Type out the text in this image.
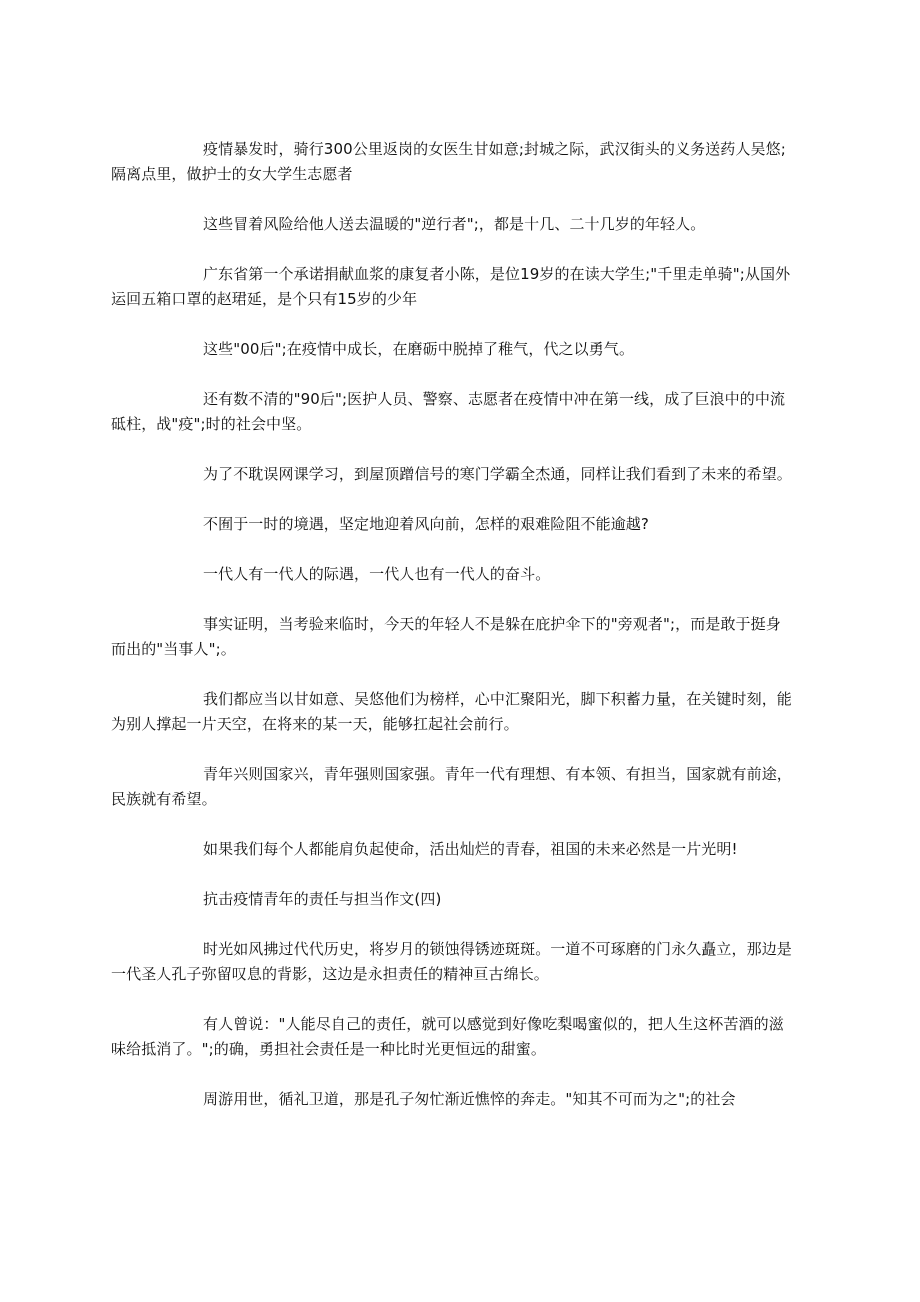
疫情暴发时，骑行300公里返岗的女医生甘如意;封城之际，武汉街头的义务送药人吴悠;隔离点里，做护士的女大学生志愿者

这些冒着风险给他人送去温暖的"逆行者";，都是十几、二十几岁的年轻人。

广东省第一个承诺捐献血浆的康复者小陈，是位19岁的在读大学生;"千里走单骑";从国外运回五箱口罩的赵珺延，是个只有15岁的少年

这些"00后";在疫情中成长，在磨砺中脱掉了稚气，代之以勇气。

还有数不清的"90后";医护人员、警察、志愿者在疫情中冲在第一线，成了巨浪中的中流砥柱，战"疫";时的社会中坚。

为了不耽误网课学习，到屋顶蹭信号的寒门学霸全杰通，同样让我们看到了未来的希望。

不囿于一时的境遇，坚定地迎着风向前，怎样的艰难险阻不能逾越?

一代人有一代人的际遇，一代人也有一代人的奋斗。

事实证明，当考验来临时，今天的年轻人不是躲在庇护伞下的"旁观者";，而是敢于挺身而出的"当事人";。

我们都应当以甘如意、吴悠他们为榜样，心中汇聚阳光，脚下积蓄力量，在关键时刻，能为别人撑起一片天空，在将来的某一天，能够扛起社会前行。

青年兴则国家兴，青年强则国家强。青年一代有理想、有本领、有担当，国家就有前途，民族就有希望。

如果我们每个人都能肩负起使命，活出灿烂的青春，祖国的未来必然是一片光明!

抗击疫情青年的责任与担当作文(四)

时光如风拂过代代历史，将岁月的锁蚀得锈迹斑斑。一道不可琢磨的门永久矗立，那边是一代圣人孔子弥留叹息的背影，这边是永担责任的精神亘古绵长。

有人曾说："人能尽自己的责任，就可以感觉到好像吃梨喝蜜似的，把人生这杯苦酒的滋味给抵消了。";的确，勇担社会责任是一种比时光更恒远的甜蜜。

周游用世，循礼卫道，那是孔子匆忙渐近憔悴的奔走。"知其不可而为之";的社会
